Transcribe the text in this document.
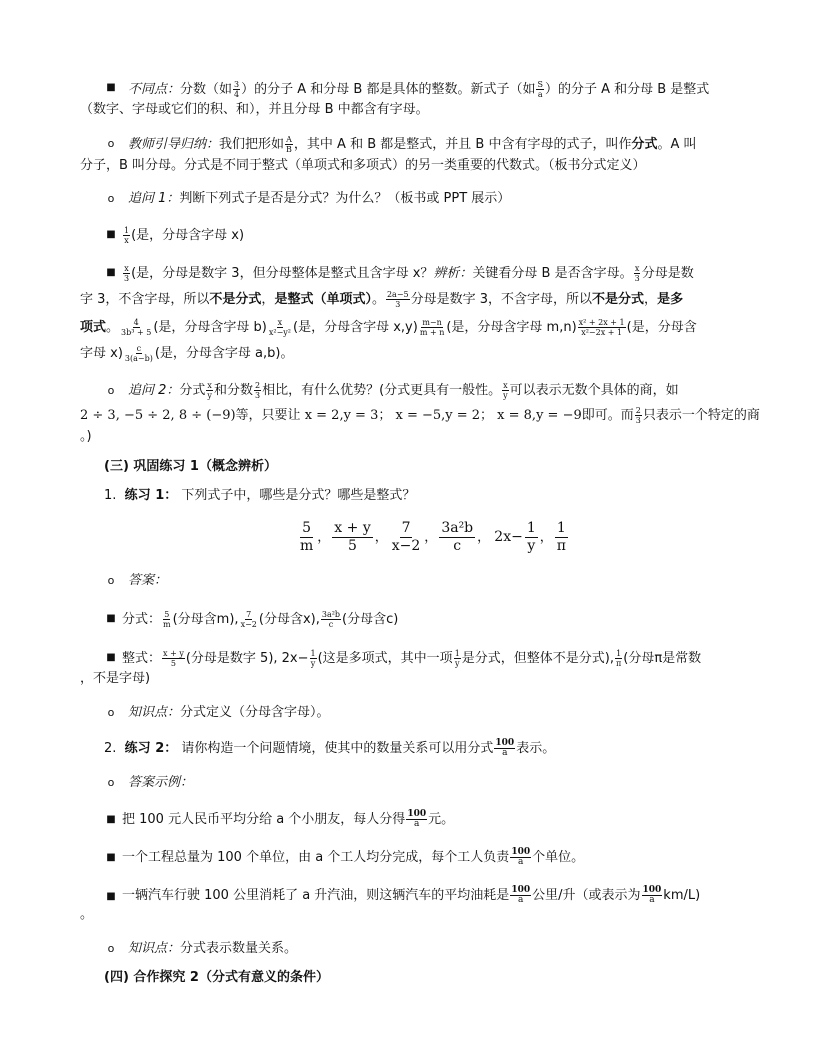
■ 不同点：分数（如 $\frac{3}{4}$ ）的分子 A 和分母 B 都是具体的整数。新式子（如 $\frac{S}{a}$ ）的分子 A 和分母 B 是整式
（数字、字母或它们的积、和），并且分母 B 中都含有字母。
o 教师引导归纳：我们把形如 $\frac{A}{B}$ ，其中 A 和 B 都是整式，并且 B 中含有字母的式子，叫作分式。A 叫
分子，B 叫分母。分式是不同于整式（单项式和多项式）的另一类重要的代数式。（板书分式定义）
o 追问 1：判断下列式子是否是分式？为什么？（板书或 PPT 展示）
■ $\frac{1}{x}$ (是，分母含字母 x)
■ $\frac{x}{3}$ (是，分母是数字 3，但分母整体是整式且含字母 x？辨析：关键看分母 B 是否含字母。 $\frac{x}{3}$ 分母是数
字 3，不含字母，所以不是分式，是整式（单项式）。 $\frac{2a-5}{3}$ 分母是数字 3，不含字母，所以不是分式，是多
项式。 $\frac{4}{\text{3b³ + 5}}$ (是，分母含字母 $b) \frac{x}{\text{x²−y²}}$ (是，分母含字母 $x,y) \frac{m-n}{m + n}$ (是，分母含字母 $m,n) \frac{\text{x² + 2x + 1}}{\text{x²−2x + 1}}$ (是，分母含
字母 $x) \frac{c}{3(a-b)}$ (是，分母含字母 a,b)。
o 追问 2：分式 $\frac{x}{y}$ 和分数 $\frac{2}{3}$ 相比，有什么优势？(分式更具有一般性。 $\frac{x}{y}$ 可以表示无数个具体的商，如
2 ÷ 3, −5 ÷ 2, 8 ÷ (−9)等，只要让 x = 2,y = 3； x = −5,y = 2； x = 8,y = −9即可。而 $\frac{2}{3}$ 只表示一个特定的商
。)
(三) 巩固练习 1（概念辨析）
1. 练习 1： 下列式子中，哪些是分式？哪些是整式？
$\frac{5}{m}$ ， $\frac{x + y}{5}$ ， $\frac{7}{x-2}$ ， $\frac{\text{3a²b}}{c}$ ， $2x- \frac{1}{y}$ ， $\frac{1}{\pi}$
o 答案：
■ 分式： $\frac{5}{m}$ (分母含m), $\frac{7}{x-2}$ (分母含x), $\frac{\text{3a²b}}{c}$ (分母含c)
■ 整式： $\frac{x + y}{5}$ (分母是数字 5), $2x- \frac{1}{y}$ (这是多项式，其中一项 $\frac{1}{y}$ 是分式，但整体不是分式), $\frac{1}{\pi}$ (分母π是常数
，不是字母)
o 知识点：分式定义（分母含字母）。
2. 练习 2： 请你构造一个问题情境，使其中的数量关系可以用分式 $\frac{100}{a}$ 表示。
o 答案示例：
■ 把 100 元人民币平均分给 a 个小朋友，每人分得 $\frac{100}{a}$ 元。
■ 一个工程总量为 100 个单位，由 a 个工人均分完成，每个工人负责 $\frac{100}{a}$ 个单位。
■ 一辆汽车行驶 100 公里消耗了 a 升汽油，则这辆汽车的平均油耗是 $\frac{100}{a}$ 公里/升（或表示为 $\frac{100}{a} km/L$)
。
o 知识点：分式表示数量关系。
(四) 合作探究 2（分式有意义的条件）
